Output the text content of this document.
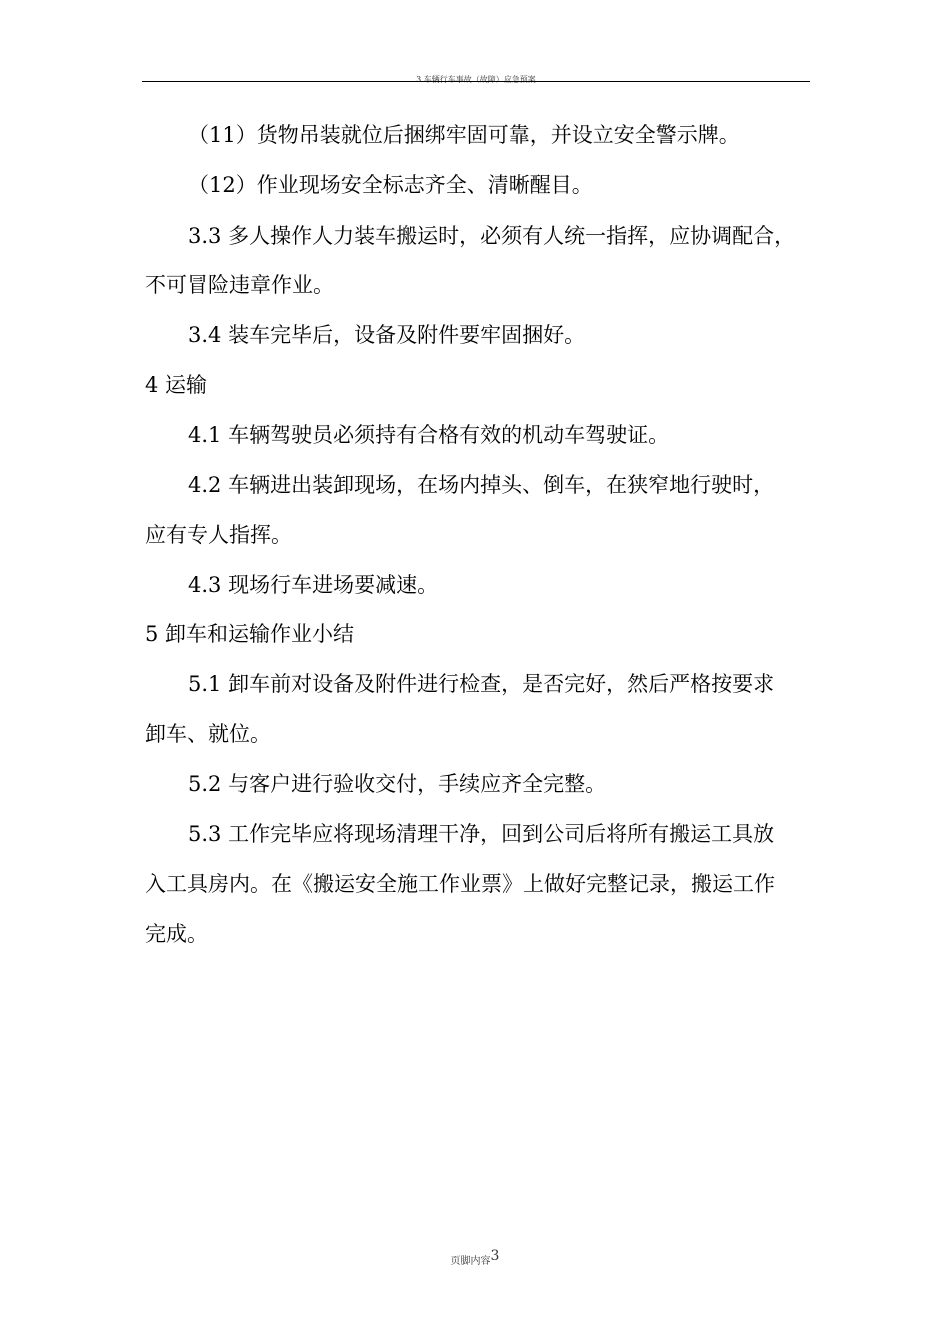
3 车辆行车事故（故障）应急预案
（11）货物吊装就位后捆绑牢固可靠，并设立安全警示牌。
（12）作业现场安全标志齐全、清晰醒目。
3.3 多人操作人力装车搬运时，必须有人统一指挥，应协调配合，
不可冒险违章作业。
3.4 装车完毕后，设备及附件要牢固捆好。
4 运输
4.1 车辆驾驶员必须持有合格有效的机动车驾驶证。
4.2 车辆进出装卸现场，在场内掉头、倒车，在狭窄地行驶时，
应有专人指挥。
4.3 现场行车进场要减速。
5 卸车和运输作业小结
5.1 卸车前对设备及附件进行检查，是否完好，然后严格按要求
卸车、就位。
5.2 与客户进行验收交付，手续应齐全完整。
5.3 工作完毕应将现场清理干净，回到公司后将所有搬运工具放
入工具房内。在《搬运安全施工作业票》上做好完整记录，搬运工作
完成。
页脚内容3
